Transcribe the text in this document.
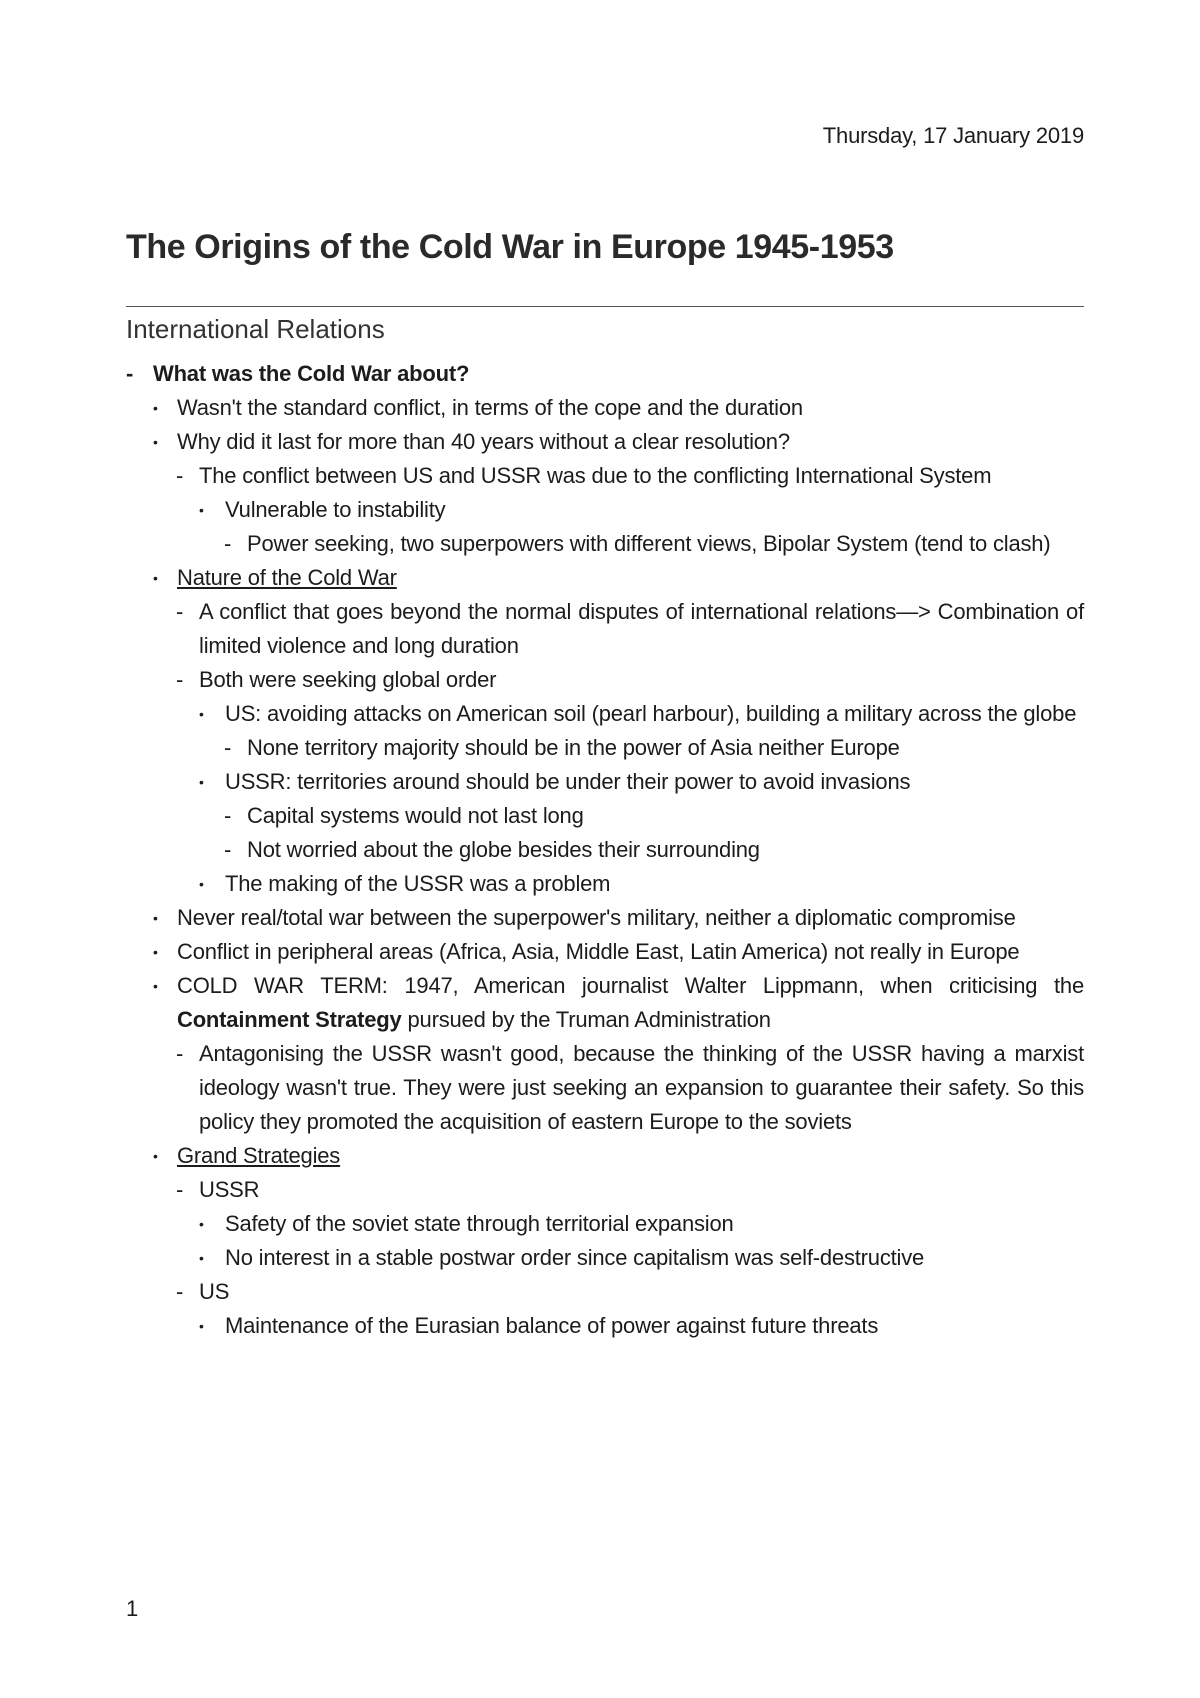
Thursday, 17 January 2019
The Origins of the Cold War in Europe 1945-1953
International Relations

- What was the Cold War about?

• Wasn't the standard conflict, in terms of the cope and the duration

• Why did it last for more than 40 years without a clear resolution?

- The conflict between US and USSR was due to the conflicting International System

• Vulnerable to instability

- Power seeking, two superpowers with different views, Bipolar System (tend to clash)

• Nature of the Cold War

- A conflict that goes beyond the normal disputes of international relations—> Combination of limited violence and long duration

- Both were seeking global order

• US: avoiding attacks on American soil (pearl harbour), building a military across the globe

- None territory majority should be in the power of Asia neither Europe

• USSR: territories around should be under their power to avoid invasions

- Capital systems would not last long

- Not worried about the globe besides their surrounding

• The making of the USSR was a problem

• Never real/total war between the superpower's military, neither a diplomatic compromise

• Conflict in peripheral areas (Africa, Asia, Middle East, Latin America) not really in Europe

• COLD WAR TERM: 1947, American journalist Walter Lippmann, when criticising the Containment Strategy pursued by the Truman Administration

- Antagonising the USSR wasn't good, because the thinking of the USSR having a marxist ideology wasn't true. They were just seeking an expansion to guarantee their safety. So this policy they promoted the acquisition of eastern Europe to the soviets

• Grand Strategies

- USSR

• Safety of the soviet state through territorial expansion

• No interest in a stable postwar order since capitalism was self-destructive

- US

• Maintenance of the Eurasian balance of power against future threats

1
